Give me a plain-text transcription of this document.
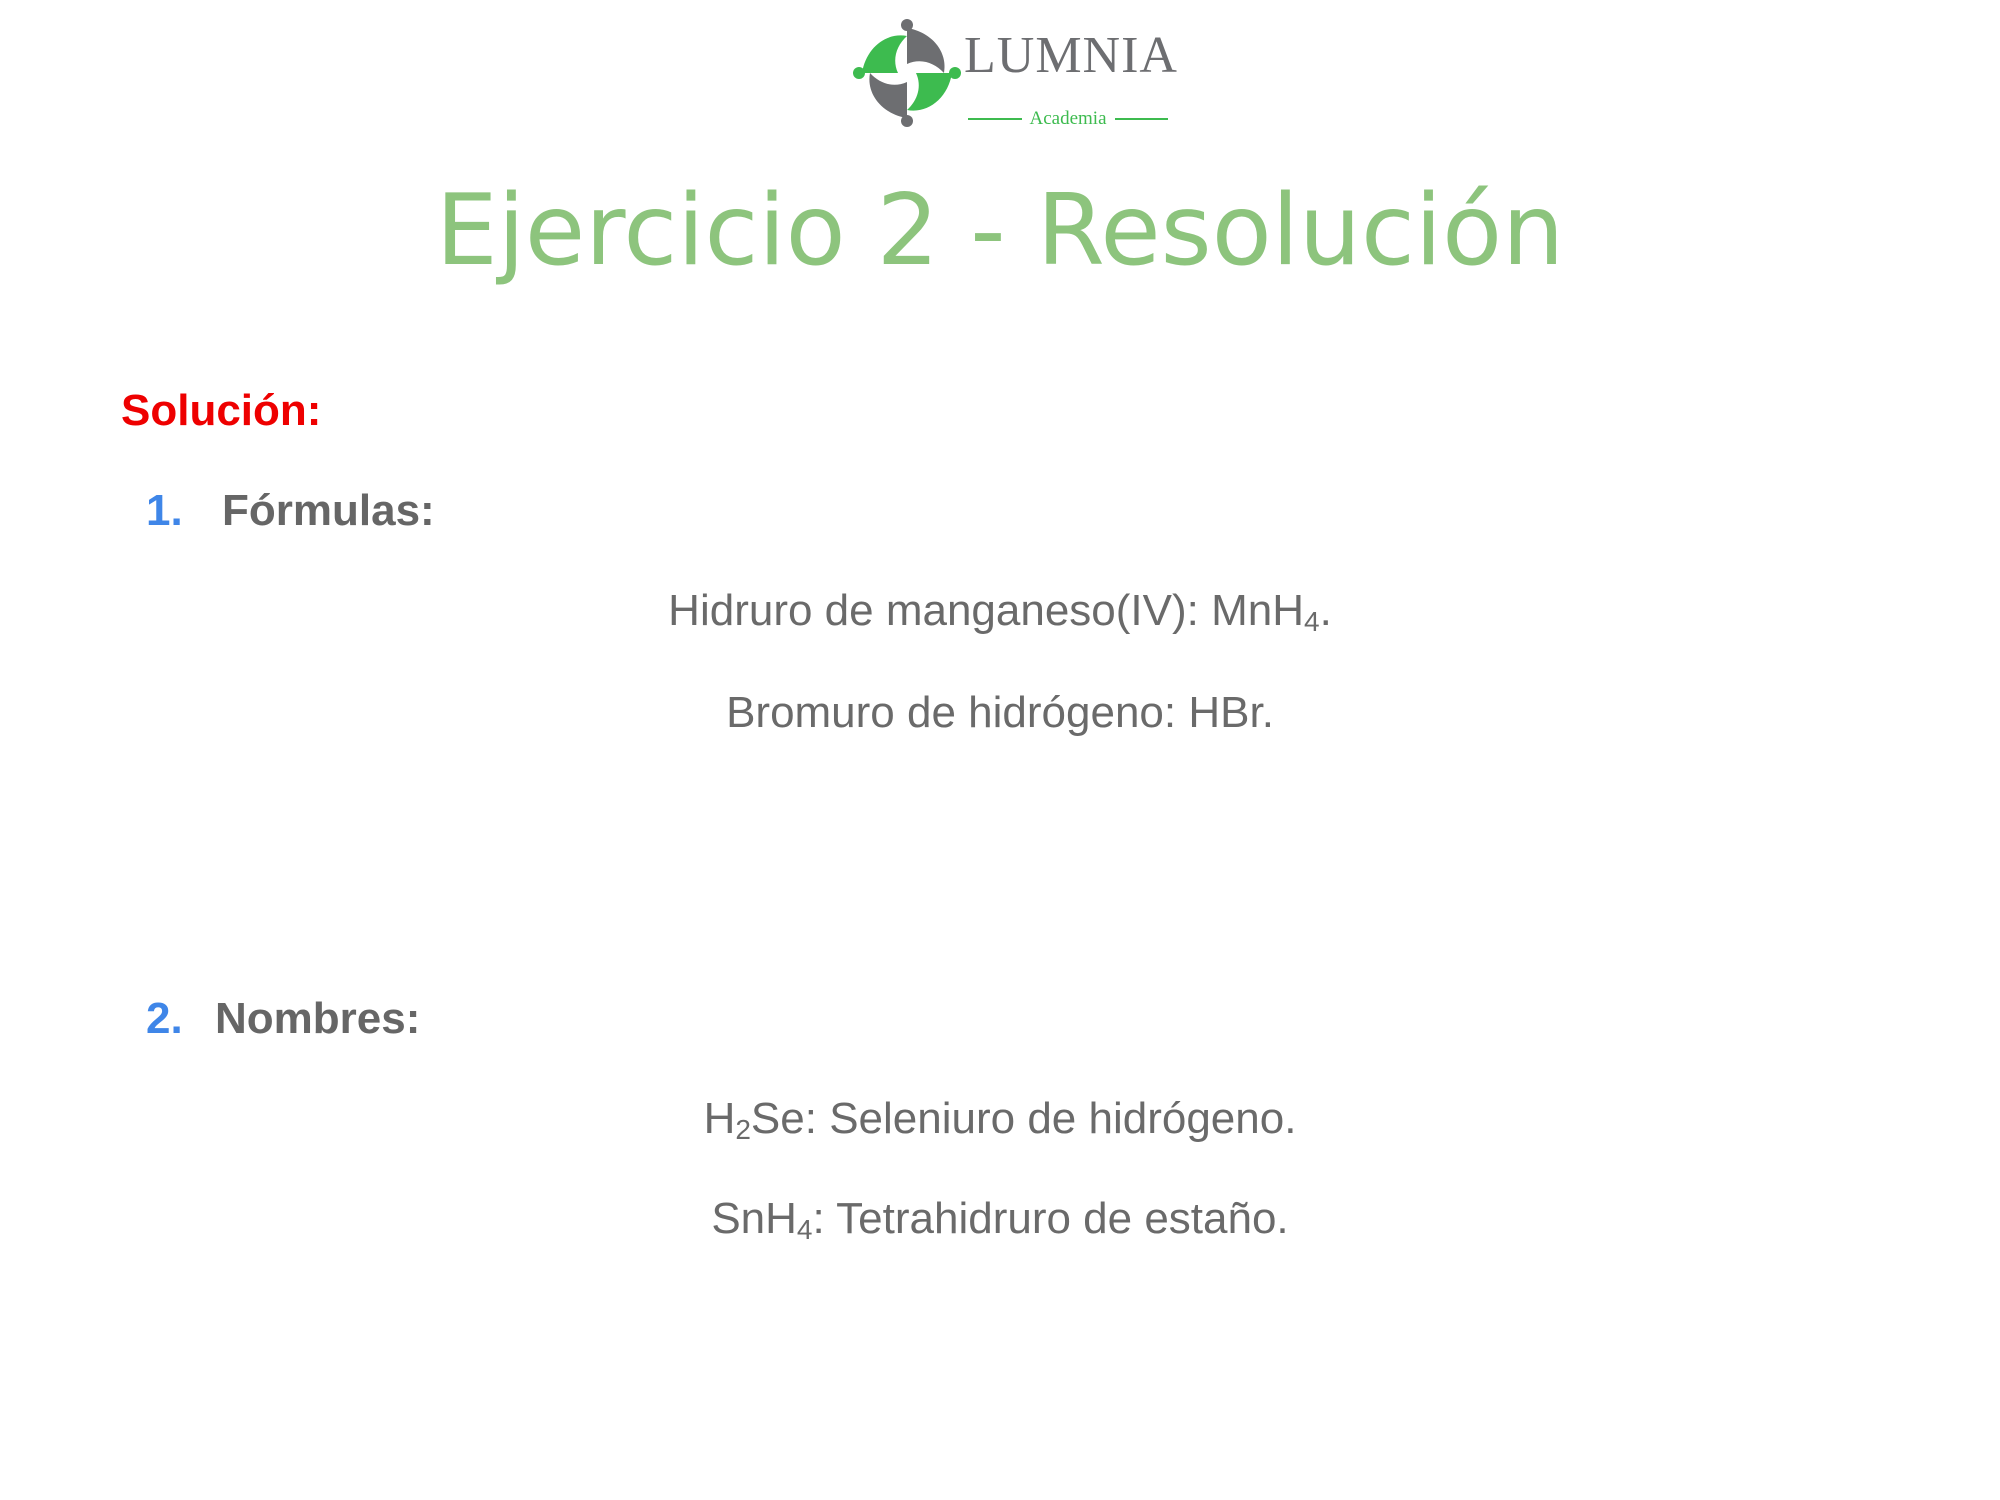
LUMNIA
Academia
Ejercicio 2 - Resolución
Solución:
1. Fórmulas:
Hidruro de manganeso(IV): MnH$_4$.
Bromuro de hidrógeno: HBr.
2. Nombres:
$H_2Se$: Seleniuro de hidrógeno.
SnH$_4$: Tetrahidruro de estaño.
